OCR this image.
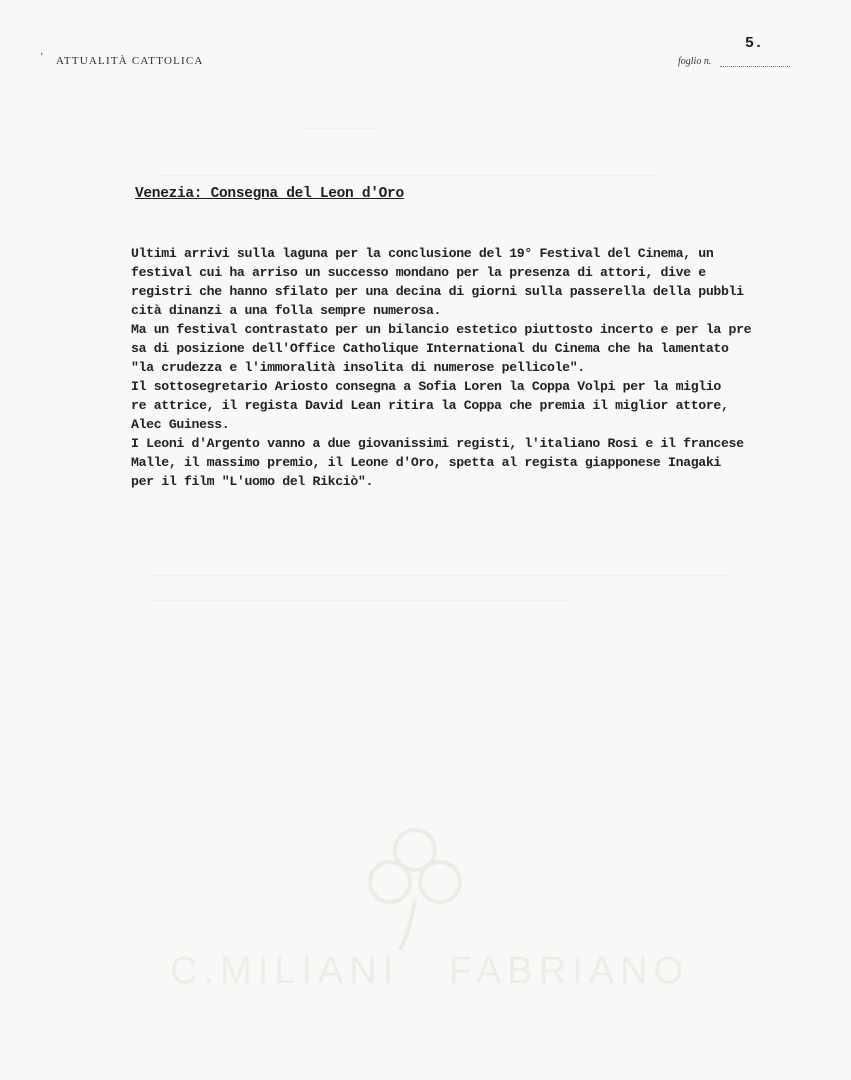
’ ATTUALITÀ CATTOLICA
5.
foglio n.
Venezia: Consegna del Leon d'Oro
Ultimi arrivi sulla laguna per la conclusione del 19° Festival del Cinema, un
festival cui ha arriso un successo mondano per la presenza di attori, dive e
registri che hanno sfilato per una decina di giorni sulla passerella della pubbli
cità dinanzi a una folla sempre numerosa.
Ma un festival contrastato per un bilancio estetico piuttosto incerto e per la pre
sa di posizione dell'Office Catholique International du Cinema che ha lamentato
"la crudezza e l'immoralità insolita di numerose pellicole".
Il sottosegretario Ariosto consegna a Sofia Loren la Coppa Volpi per la miglio
re attrice, il regista David Lean ritira la Coppa che premia il miglior attore,
Alec Guiness.
I Leoni d'Argento vanno a due giovanissimi registi, l'italiano Rosi e il francese
Malle, il massimo premio, il Leone d'Oro, spetta al regista giapponese Inagaki
per il film "L'uomo del Rikciò".
C.MILIANI   FABRIANO
